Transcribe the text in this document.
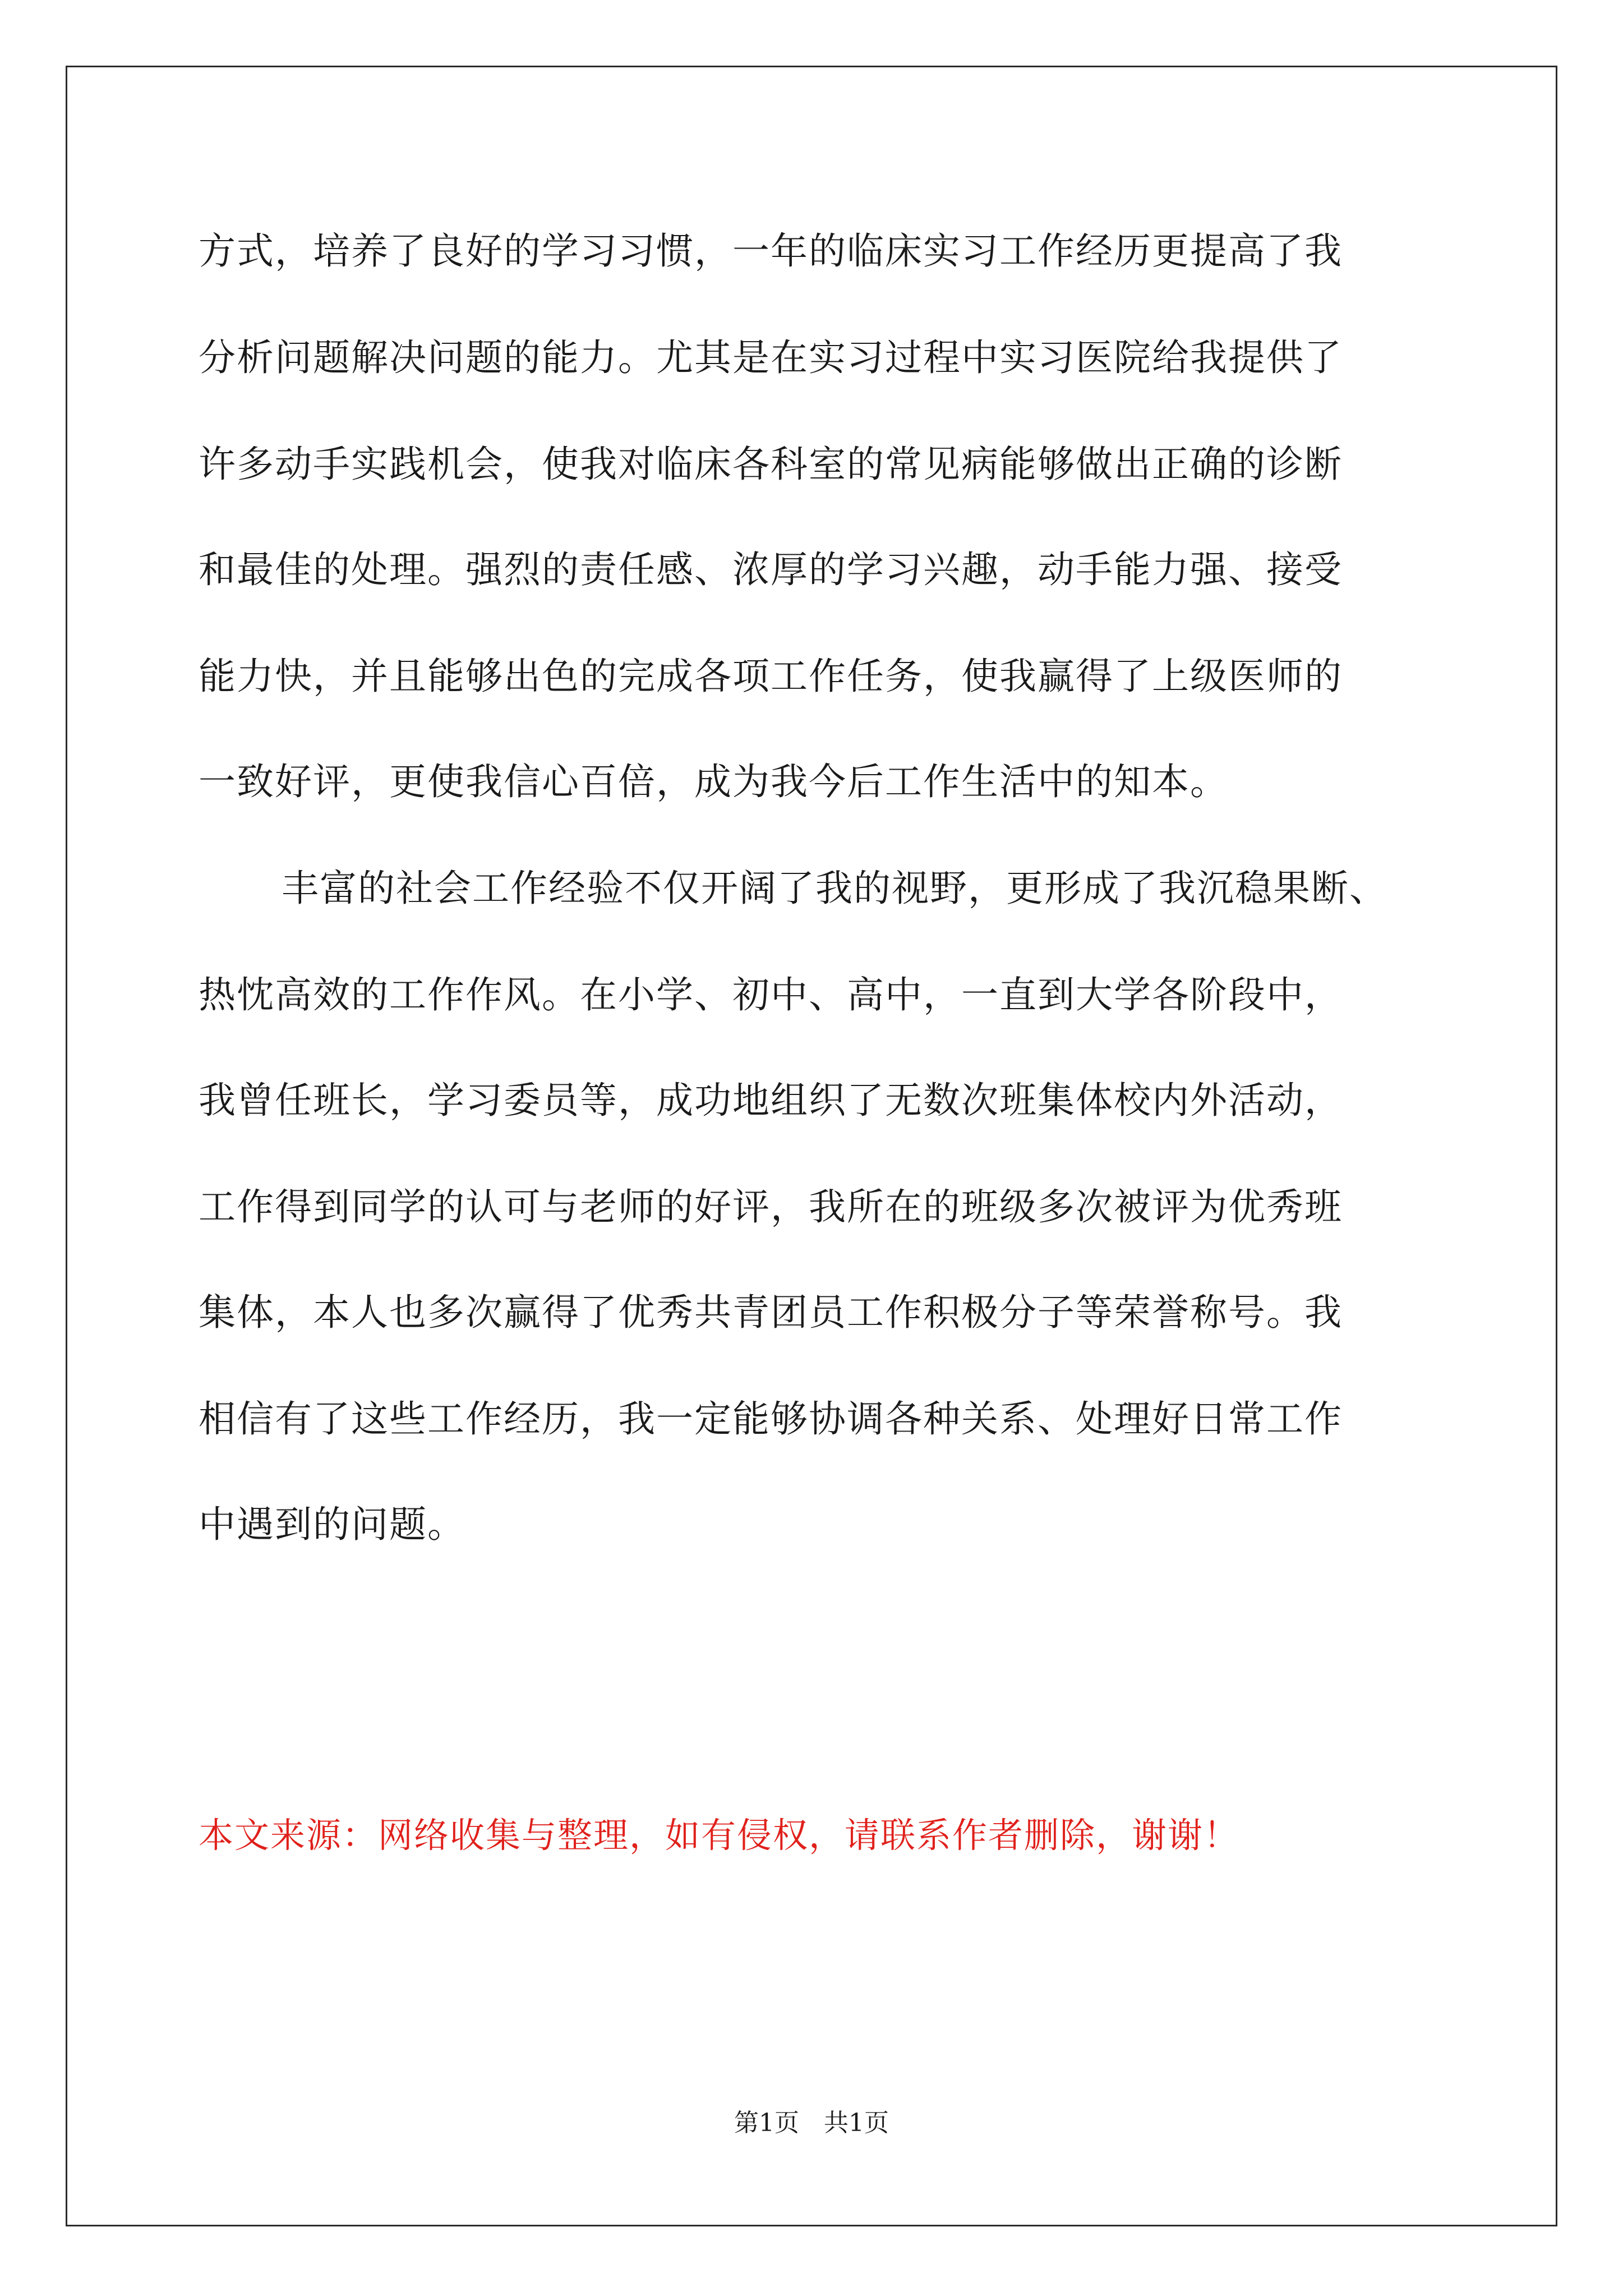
方式，培养了良好的学习习惯，一年的临床实习工作经历更提高了我
分析问题解决问题的能力。尤其是在实习过程中实习医院给我提供了
许多动手实践机会，使我对临床各科室的常见病能够做出正确的诊断
和最佳的处理。强烈的责任感、浓厚的学习兴趣，动手能力强、接受
能力快，并且能够出色的完成各项工作任务，使我赢得了上级医师的
一致好评，更使我信心百倍，成为我今后工作生活中的知本。
丰富的社会工作经验不仅开阔了我的视野，更形成了我沉稳果断、
热忱高效的工作作风。在小学、初中、高中，一直到大学各阶段中，
我曾任班长，学习委员等，成功地组织了无数次班集体校内外活动，
工作得到同学的认可与老师的好评，我所在的班级多次被评为优秀班
集体，本人也多次赢得了优秀共青团员工作积极分子等荣誉称号。我
相信有了这些工作经历，我一定能够协调各种关系、处理好日常工作
中遇到的问题。
本文来源：网络收集与整理，如有侵权，请联系作者删除，谢谢！
第1页　共1页
